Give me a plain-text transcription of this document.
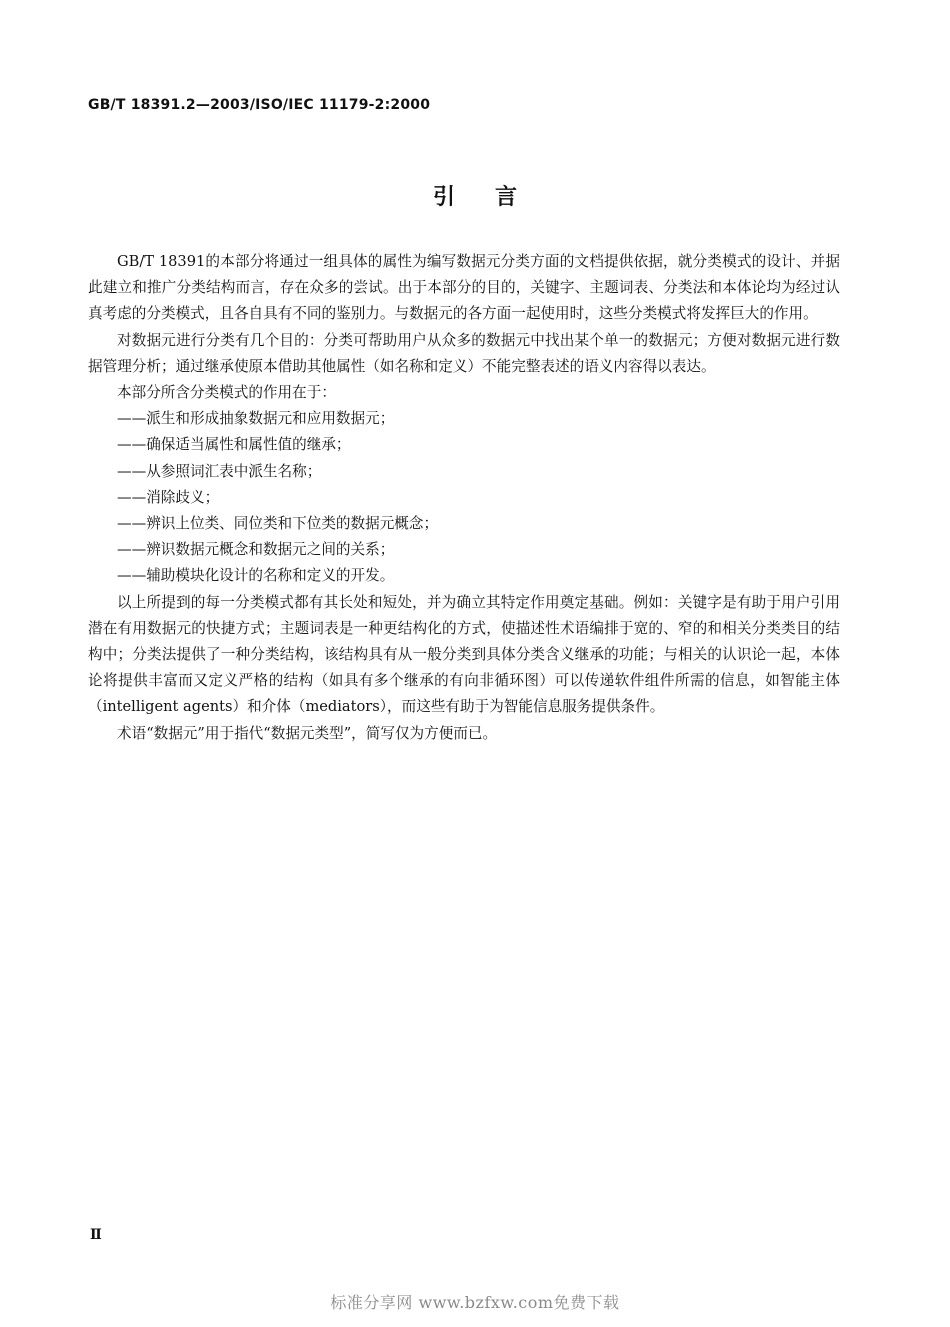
GB/T 18391.2—2003/ISO/IEC 11179-2:2000
引言

GB/T 18391的本部分将通过一组具体的属性为编写数据元分类方面的文档提供依据，就分类模式的设计、并据此建立和推广分类结构而言，存在众多的尝试。出于本部分的目的，关键字、主题词表、分类法和本体论均为经过认真考虑的分类模式，且各自具有不同的鉴别力。与数据元的各方面一起使用时，这些分类模式将发挥巨大的作用。

对数据元进行分类有几个目的：分类可帮助用户从众多的数据元中找出某个单一的数据元；方便对数据元进行数据管理分析；通过继承使原本借助其他属性（如名称和定义）不能完整表述的语义内容得以表达。

本部分所含分类模式的作用在于：

——派生和形成抽象数据元和应用数据元；

——确保适当属性和属性值的继承；

——从参照词汇表中派生名称；

——消除歧义；

——辨识上位类、同位类和下位类的数据元概念；

——辨识数据元概念和数据元之间的关系；

——辅助模块化设计的名称和定义的开发。

以上所提到的每一分类模式都有其长处和短处，并为确立其特定作用奠定基础。例如：关键字是有助于用户引用潜在有用数据元的快捷方式；主题词表是一种更结构化的方式，使描述性术语编排于宽的、窄的和相关分类类目的结构中；分类法提供了一种分类结构，该结构具有从一般分类到具体分类含义继承的功能；与相关的认识论一起，本体论将提供丰富而又定义严格的结构（如具有多个继承的有向非循环图）可以传递软件组件所需的信息，如智能主体（intelligent agents）和介体（mediators），而这些有助于为智能信息服务提供条件。

术语“数据元”用于指代“数据元类型”，简写仅为方便而已。

Ⅱ
标准分享网 www.bzfxw.com免费下载
